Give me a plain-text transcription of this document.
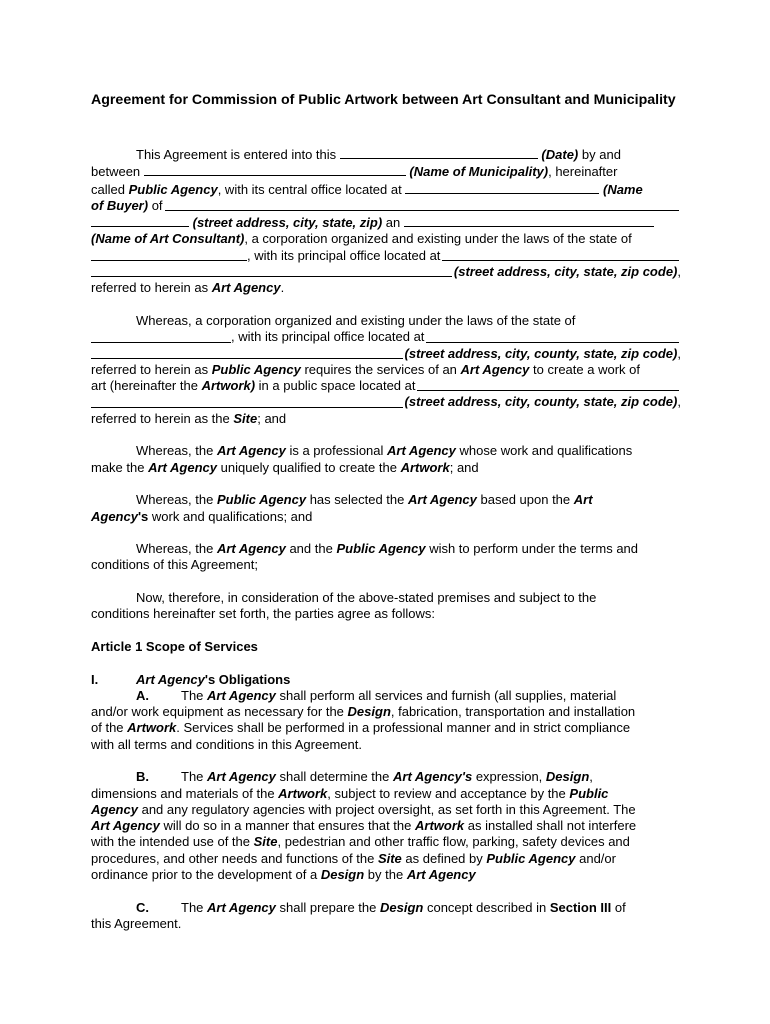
Agreement for Commission of Public Artwork between Art Consultant and Municipality

This Agreement is entered into this	(Date) by and

between	(Name of Municipality), hereinafter

called Public Agency, with its central office located at	(Name

of Buyer)
of

(street address, city, state, zip) an

(Name of Art Consultant), a corporation organized and existing under the laws of the state of

, with its principal office located at
(street address, city, state, zip code) ,

referred to herein as Art Agency.

Whereas, a corporation organized and existing under the laws of the state of

, with its principal office located at
(street address, city, county, state, zip code) ,

referred to herein as Public Agency requires the services of an Art Agency to create a work of

art (hereinafter the
Artwork)
in a public space located at
(street address, city, county, state, zip code) ,

referred to herein as the Site; and

Whereas, the Art Agency is a professional Art Agency whose work and qualifications

make the Art Agency uniquely qualified to create the Artwork; and

Whereas, the Public Agency has selected the Art Agency based upon the Art

Agency's work and qualifications; and

Whereas, the Art Agency and the Public Agency wish to perform under the terms and

conditions of this Agreement;

Now, therefore, in consideration of the above-stated premises and subject to the

conditions hereinafter set forth, the parties agree as follows:

Article 1 Scope of Services

I.	Art Agency's Obligations

A. The Art Agency shall perform all services and furnish (all supplies, material

and/or work equipment as necessary for the Design, fabrication, transportation and installation

of the Artwork. Services shall be performed in a professional manner and in strict compliance

with all terms and conditions in this Agreement.

B. The Art Agency shall determine the Art Agency's expression, Design,

dimensions and materials of the Artwork, subject to review and acceptance by the Public

Agency and any regulatory agencies with project oversight, as set forth in this Agreement. The

Art Agency will do so in a manner that ensures that the Artwork as installed shall not interfere

with the intended use of the Site, pedestrian and other traffic flow, parking, safety devices and

procedures, and other needs and functions of the Site as defined by Public Agency and/or

ordinance prior to the development of a Design by the Art Agency

C. The Art Agency shall prepare the Design concept described in Section III of

this Agreement.
